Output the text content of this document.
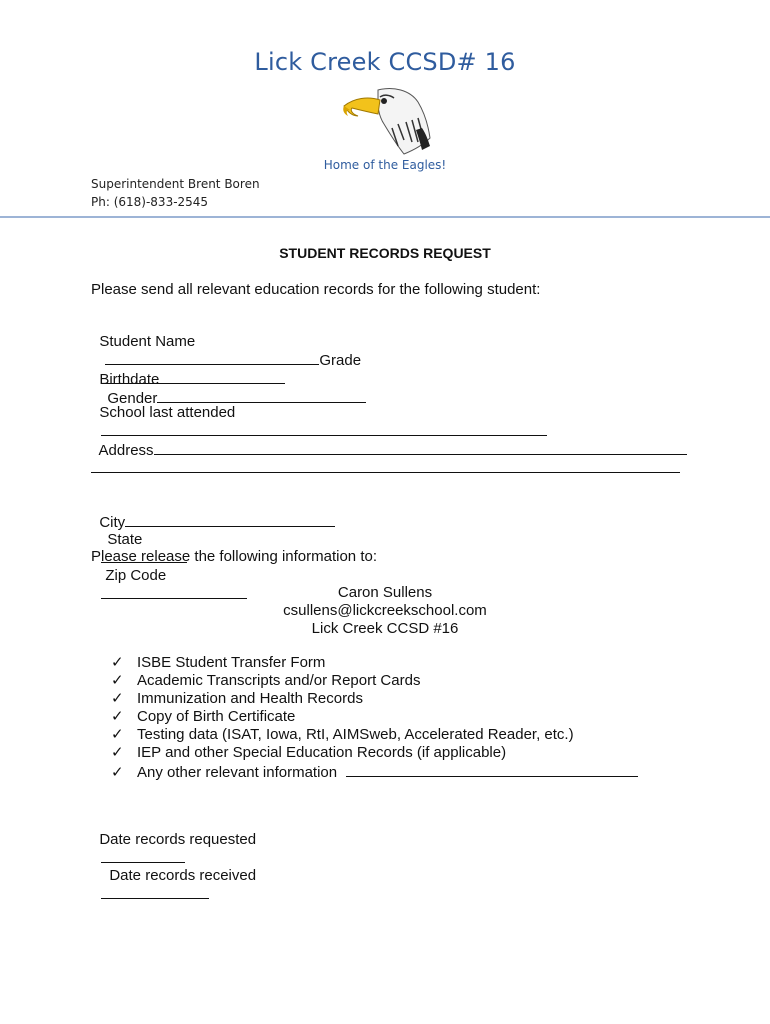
Lick Creek CCSD# 16
Home of the Eagles!
Superintendent Brent Boren
Ph: (618)-833-2545
STUDENT RECORDS REQUEST
Please send all relevant education records for the following student:

Student Name
Grade

Birthdate
Gender

School last attended

Address

City
State

Zip Code

Please release the following information to:
Caron Sullens
csullens@lickcreekschool.com
Lick Creek CCSD #16
✓ ISBE Student Transfer Form
✓ Academic Transcripts and/or Report Cards
✓ Immunization and Health Records
✓ Copy of Birth Certificate
✓ Testing data (ISAT, Iowa, RtI, AIMSweb, Accelerated Reader, etc.)
✓ IEP and other Special Education Records (if applicable)
✓ Any other relevant information

Date records requested

Date records received
